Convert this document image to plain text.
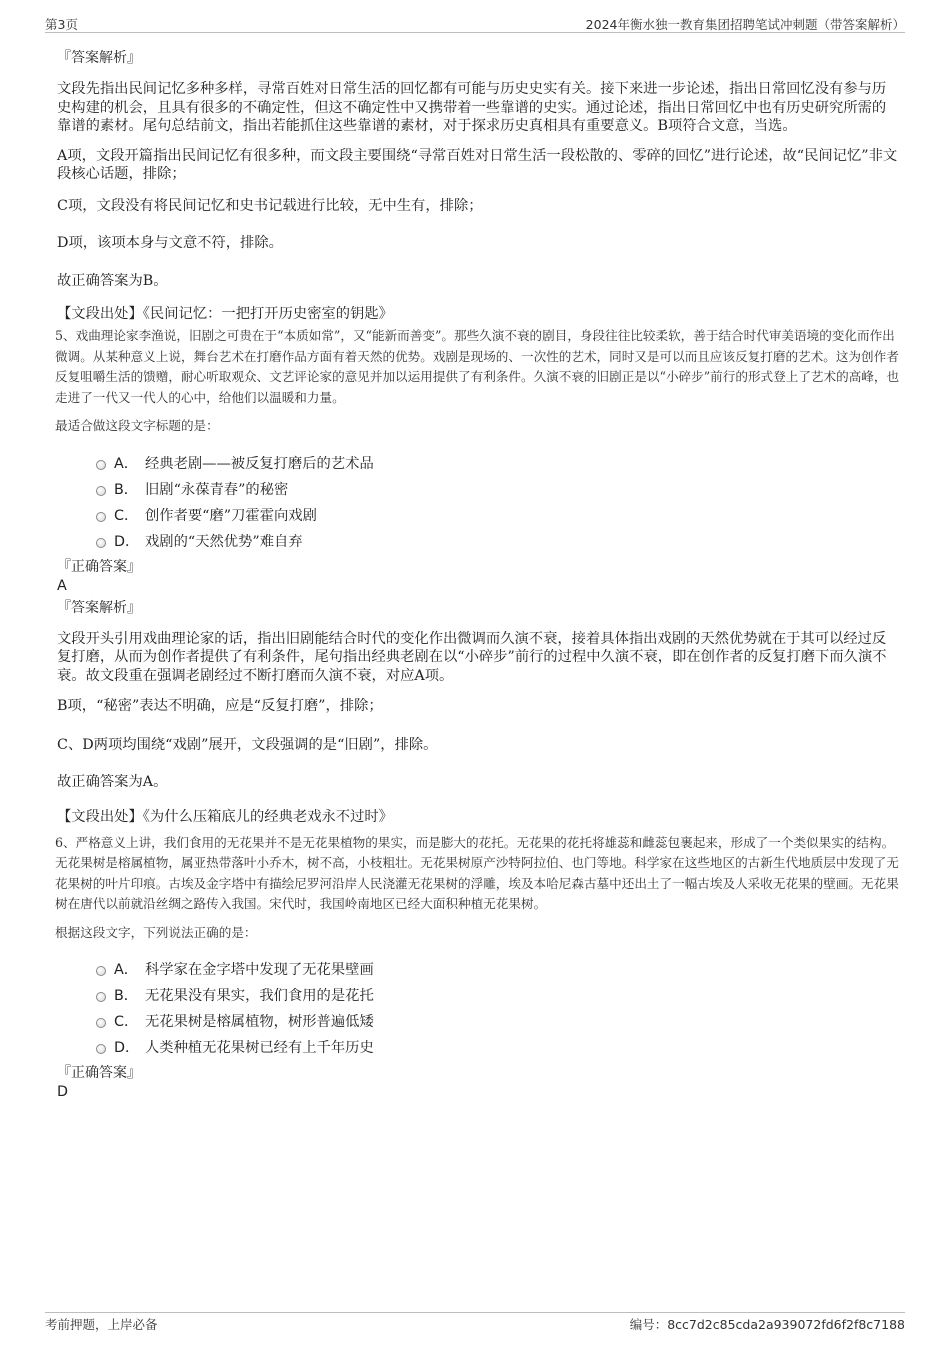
第3页	2024年衡水独一教育集团招聘笔试冲刺题（带答案解析）
『答案解析』

文段先指出民间记忆多种多样，寻常百姓对日常生活的回忆都有可能与历史史实有关。接下来进一步论述，指出日常回忆没有参与历史构建的机会，且具有很多的不确定性，但这不确定性中又携带着一些靠谱的史实。通过论述，指出日常回忆中也有历史研究所需的靠谱的素材。尾句总结前文，指出若能抓住这些靠谱的素材，对于探求历史真相具有重要意义。B项符合文意，当选。

A项，文段开篇指出民间记忆有很多种，而文段主要围绕“寻常百姓对日常生活一段松散的、零碎的回忆”进行论述，故“民间记忆”非文段核心话题，排除；

C项，文段没有将民间记忆和史书记载进行比较，无中生有，排除；

D项，该项本身与文意不符，排除。

故正确答案为B。

【文段出处】《民间记忆：一把打开历史密室的钥匙》

5、戏曲理论家李渔说，旧剧之可贵在于“本质如常”，又“能新而善变”。那些久演不衰的剧目，身段往往比较柔软，善于结合时代审美语境的变化而作出微调。从某种意义上说，舞台艺术在打磨作品方面有着天然的优势。戏剧是现场的、一次性的艺术，同时又是可以而且应该反复打磨的艺术。这为创作者反复咀嚼生活的馈赠，耐心听取观众、文艺评论家的意见并加以运用提供了有利条件。久演不衰的旧剧正是以“小碎步”前行的形式登上了艺术的高峰，也走进了一代又一代人的心中，给他们以温暖和力量。

最适合做这段文字标题的是：

A． 经典老剧——被反复打磨后的艺术品
B． 旧剧“永葆青春”的秘密
C． 创作者要“磨”刀霍霍向戏剧
D． 戏剧的“天然优势”难自弃
『正确答案』
A
『答案解析』

文段开头引用戏曲理论家的话，指出旧剧能结合时代的变化作出微调而久演不衰，接着具体指出戏剧的天然优势就在于其可以经过反复打磨，从而为创作者提供了有利条件，尾句指出经典老剧在以“小碎步”前行的过程中久演不衰，即在创作者的反复打磨下而久演不衰。故文段重在强调老剧经过不断打磨而久演不衰，对应A项。

B项，“秘密”表达不明确，应是“反复打磨”，排除；

C、D两项均围绕“戏剧”展开，文段强调的是“旧剧”，排除。

故正确答案为A。

【文段出处】《为什么压箱底儿的经典老戏永不过时》

6、严格意义上讲，我们食用的无花果并不是无花果植物的果实，而是膨大的花托。无花果的花托将雄蕊和雌蕊包裹起来，形成了一个类似果实的结构。无花果树是榕属植物，属亚热带落叶小乔木，树不高，小枝粗壮。无花果树原产沙特阿拉伯、也门等地。科学家在这些地区的古新生代地质层中发现了无花果树的叶片印痕。古埃及金字塔中有描绘尼罗河沿岸人民浇灌无花果树的浮雕，埃及本哈尼森古墓中还出土了一幅古埃及人采收无花果的壁画。无花果树在唐代以前就沿丝绸之路传入我国。宋代时，我国岭南地区已经大面积种植无花果树。

根据这段文字，下列说法正确的是：

A． 科学家在金字塔中发现了无花果壁画
B． 无花果没有果实，我们食用的是花托
C． 无花果树是榕属植物，树形普遍低矮
D． 人类种植无花果树已经有上千年历史
『正确答案』
D
考前押题，上岸必备	编号：8cc7d2c85cda2a939072fd6f2f8c7188
